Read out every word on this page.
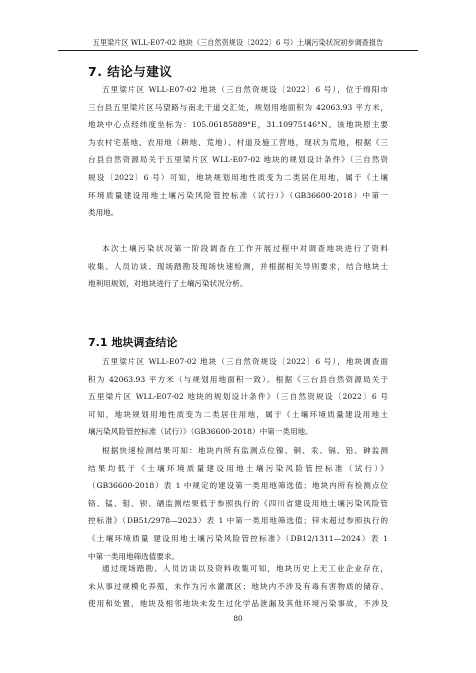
五里梁片区 WLL-E07-02 地块（三自然资规设〔2022〕6 号）土壤污染状况初步调查报告
7. 结论与建议
五里梁片区 WLL-E07-02 地块（三自然资规设〔2022〕6 号），位于绵阳市
三台县五里梁片区马望路与南北干道交汇处，规划用地面积为 42063.93 平方米，
地块中心点经纬度坐标为：105.06185889°E，31.10975146°N。该地块原主要
为农村宅基地、农用地（耕地、荒地）、村道及施工营地，现状为荒地，根据《三
台县自然资源局关于五里梁片区 WLL-E07-02 地块的规划设计条件》（三自然资
规设〔2022〕6 号）可知，地块规划用地性质变为二类居住用地，属于《土壤
环境质量建设用地土壤污染风险管控标准（试行）》（GB36600-2018）中第一
类用地。
本次土壤污染状况第一阶段调查在工作开展过程中对调查地块进行了资料
收集、人员访谈、现场踏勘及现场快速检测，并根据相关导则要求，结合地块土
地利用规划，对地块进行了土壤污染状况分析。
7.1 地块调查结论
五里梁片区 WLL-E07-02 地块（三自然资规设〔2022〕6 号），地块调查面
积为 42063.93 平方米（与规划用地面积一致）。根据《三台县自然资源局关于
五里梁片区 WLL-E07-02 地块的规划设计条件》（三自然资规设〔2022〕6 号
可知，地块规划用地性质变为二类居住用地，属于《土壤环境质量建设用地土
壤污染风险管控标准（试行）》（GB36600-2018）中第一类用地。
根据快速检测结果可知：地块内所有监测点位镍、铜、汞、镉、铅、砷监测
结果均低于《土壤环境质量建设用地土壤污染风险管控标准（试行）》
（GB36600-2018）表 1 中规定的建设第一类用地筛选值；地块内所有检测点位
铬、锰、钼、钡、硒监测结果低于参照执行的《四川省建设用地土壤污染风险管
控标准》（DB51/2978—2023）表 1 中第一类用地筛选值；锌未超过参照执行的
《土壤环境质量 建设用地土壤污染风险管控标准》（DB12/1311—2024）表 1
中第一类用地筛选值要求。
通过现场踏勘、人员访谈以及资料收集可知，地块历史上无工业企业存在，
未从事过规模化养殖，未作为污水灌溉区；地块内不涉及有毒有害物质的储存、
使用和处置，地块及相邻地块未发生过化学品泄漏及其他环境污染事故，不涉及
80
